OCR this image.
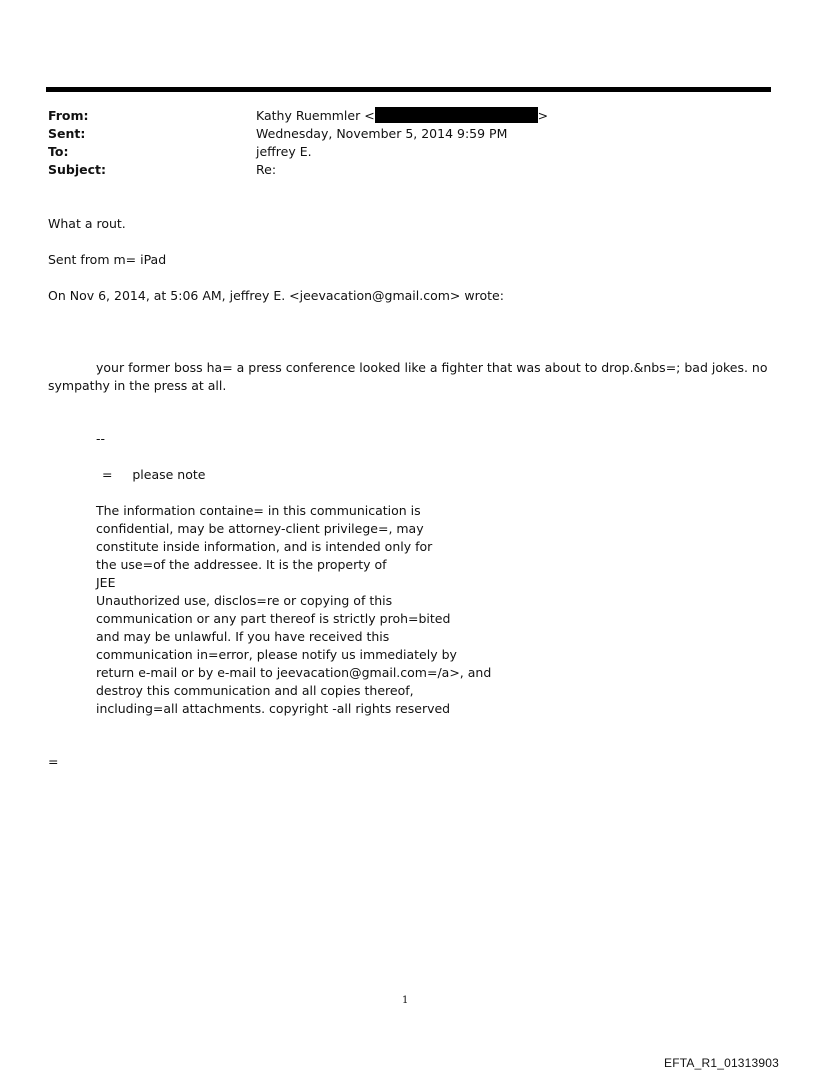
From:	Kathy Ruemmler <	>
Sent:	Wednesday, November 5, 2014 9:59 PM
To:	jeffrey E.
Subject:	Re:
What a rout.
Sent from m= iPad
On Nov 6, 2014, at 5:06 AM, jeffrey E. <jeevacation@gmail.com> wrote:
your former boss ha= a press conference looked like a fighter that was about to drop.&nbs=; bad jokes. no
sympathy in the press at all.
--
=     please note
The information containe= in this communication is
confidential, may be attorney-client privilege=, may
constitute inside information, and is intended only for
the use=of the addressee. It is the property of
JEE
Unauthorized use, disclos=re or copying of this
communication or any part thereof is strictly proh=bited
and may be unlawful. If you have received this
communication in=error, please notify us immediately by
return e-mail or by e-mail to jeevacation@gmail.com=/a>, and
destroy this communication and all copies thereof,
including=all attachments. copyright -all rights reserved
=
1
EFTA_R1_01313903
